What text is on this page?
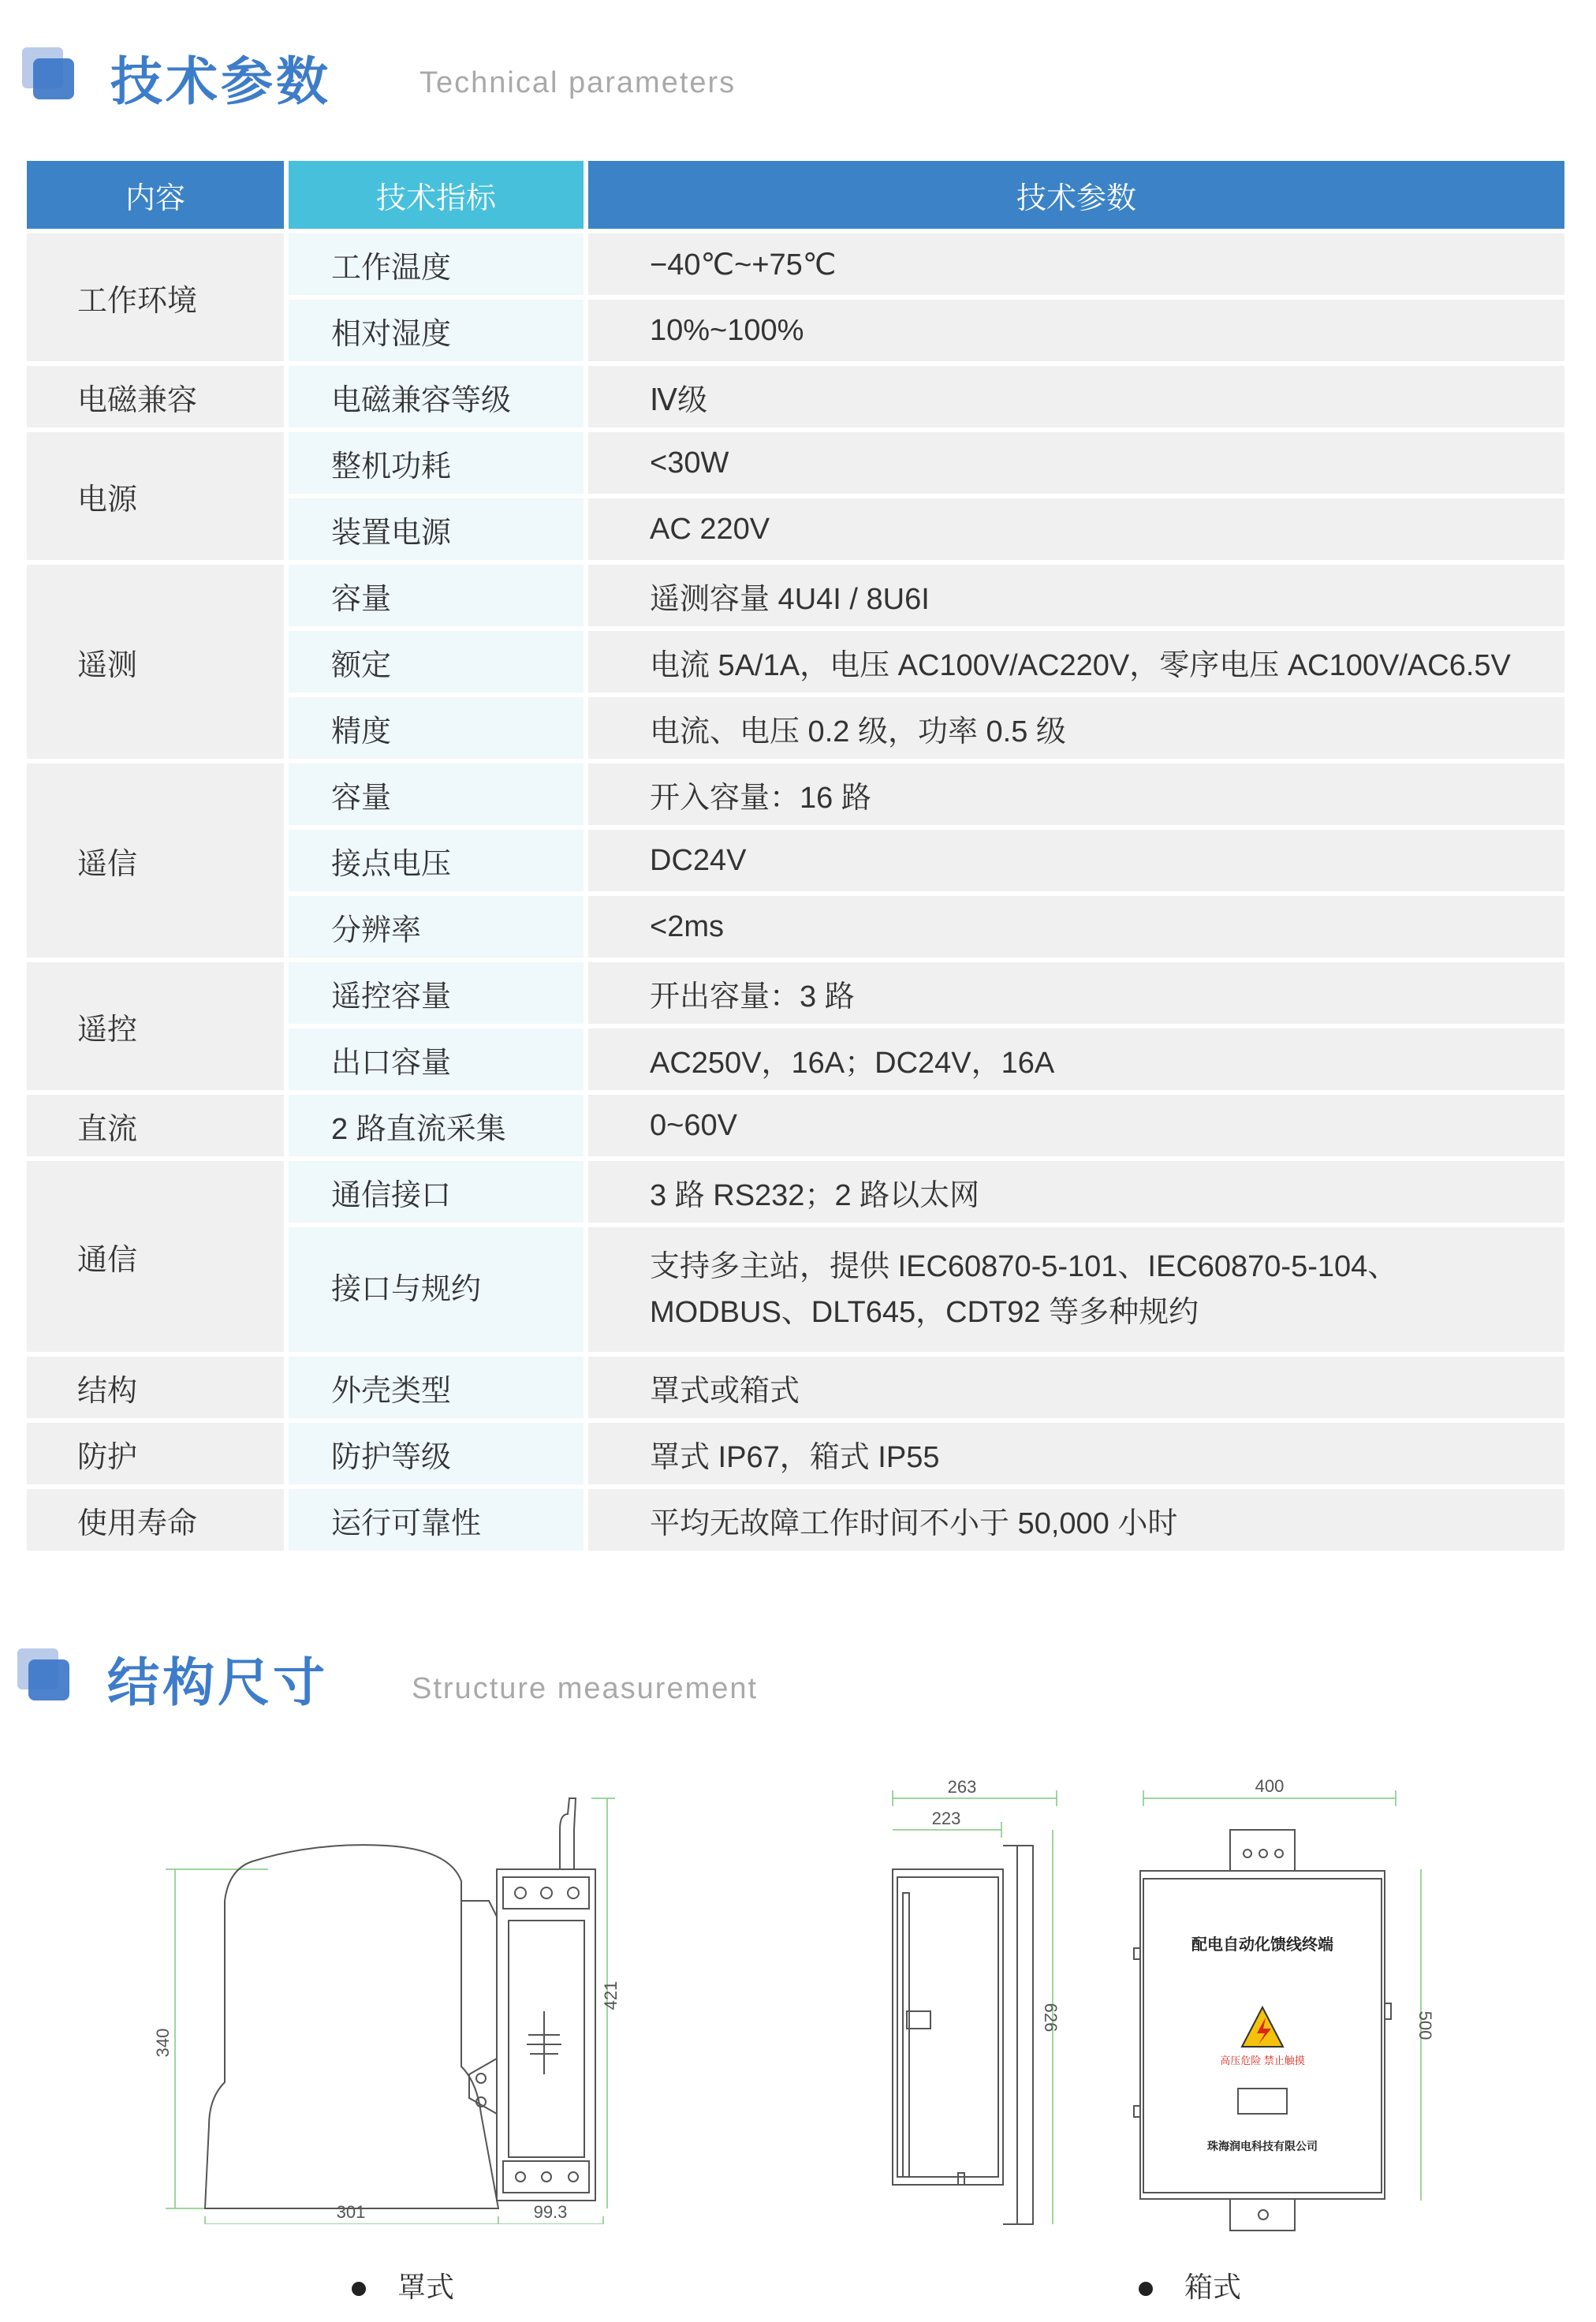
技术参数	Technical parameters
内容	技术指标	技术参数
工作环境	工作温度	−40℃~+75℃
	相对湿度	10%~100%
电磁兼容	电磁兼容等级	Ⅳ级
电源	整机功耗	<30W
	装置电源	AC 220V
遥测	容量	遥测容量 4U4I / 8U6I
	额定	电流 5A/1A，电压 AC100V/AC220V，零序电压 AC100V/AC6.5V
	精度	电流、电压 0.2 级，功率 0.5 级
遥信	容量	开入容量：16 路
	接点电压	DC24V
	分辨率	<2ms
遥控	遥控容量	开出容量：3 路
	出口容量	AC250V，16A；DC24V，16A
直流	2 路直流采集	0~60V
通信	通信接口	3 路 RS232；2 路以太网
	接口与规约	支持多主站，提供 IEC60870-5-101、IEC60870-5-104、
MODBUS、DLT645，CDT92 等多种规约
结构	外壳类型	罩式或箱式
防护	防护等级	罩式 IP67，箱式 IP55
使用寿命	运行可靠性	平均无故障工作时间不小于 50,000 小时
结构尺寸	Structure measurement
340
421
301	99.3
罩式
263
223
626
400
500
配电自动化馈线终端
高压危险 禁止触摸
珠海润电科技有限公司
箱式
